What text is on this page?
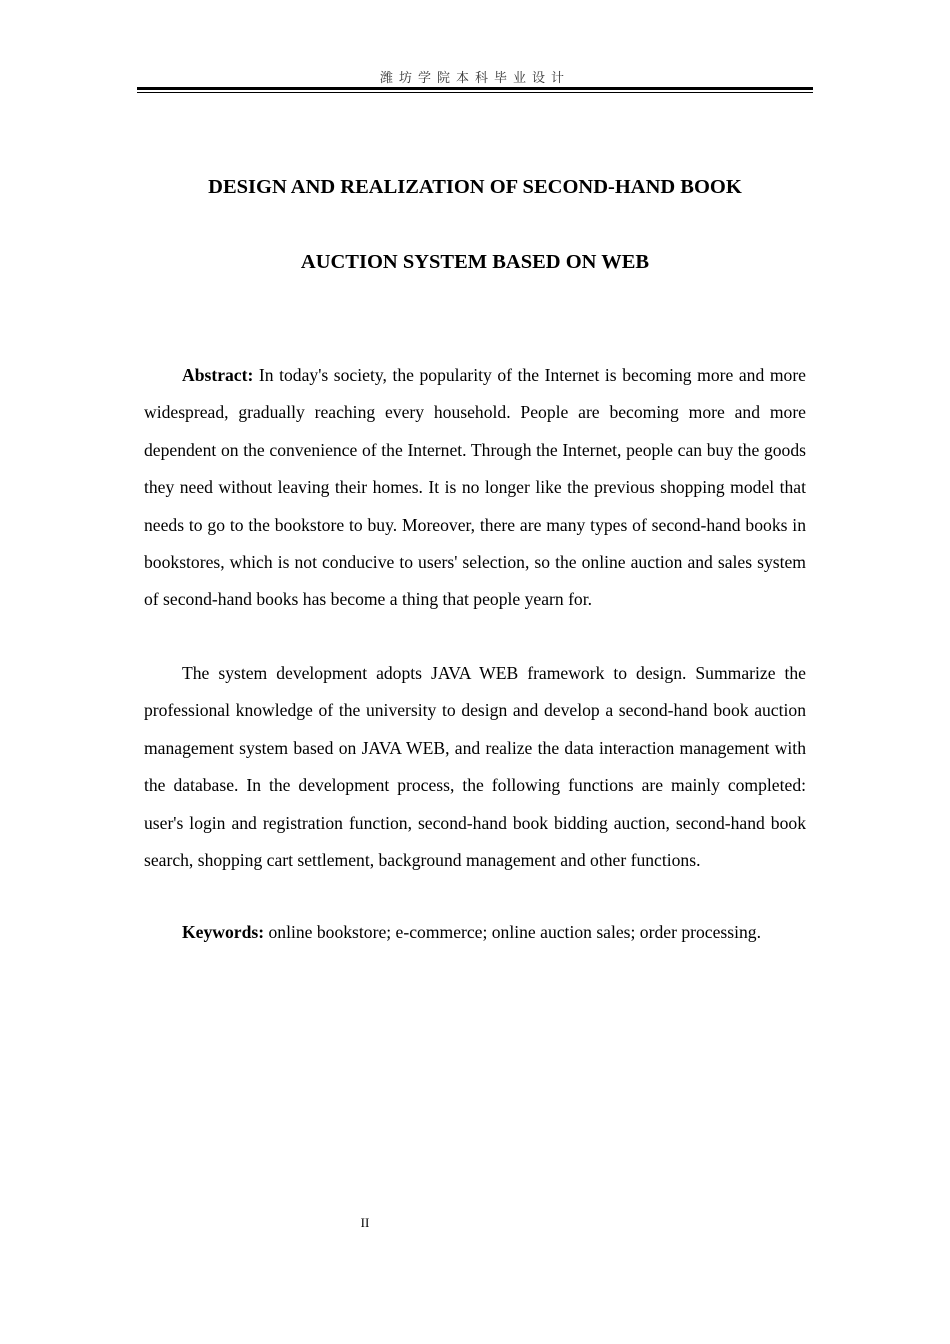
潍坊学院本科毕业设计
DESIGN AND REALIZATION OF SECOND-HAND BOOK
AUCTION SYSTEM BASED ON WEB

Abstract: In today's society, the popularity of the Internet is becoming more and more widespread, gradually reaching every household. People are becoming more and more dependent on the convenience of the Internet. Through the Internet, people can buy the goods they need without leaving their homes. It is no longer like the previous shopping model that needs to go to the bookstore to buy. Moreover, there are many types of second-hand books in bookstores, which is not conducive to users' selection, so the online auction and sales system of second-hand books has become a thing that people yearn for.

The system development adopts JAVA WEB framework to design. Summarize the professional knowledge of the university to design and develop a second-hand book auction management system based on JAVA WEB, and realize the data interaction management with the database. In the development process, the following functions are mainly completed: user's login and registration function, second-hand book bidding auction, second-hand book search, shopping cart settlement, background management and other functions.

Keywords: online bookstore; e-commerce; online auction sales; order processing.

II
